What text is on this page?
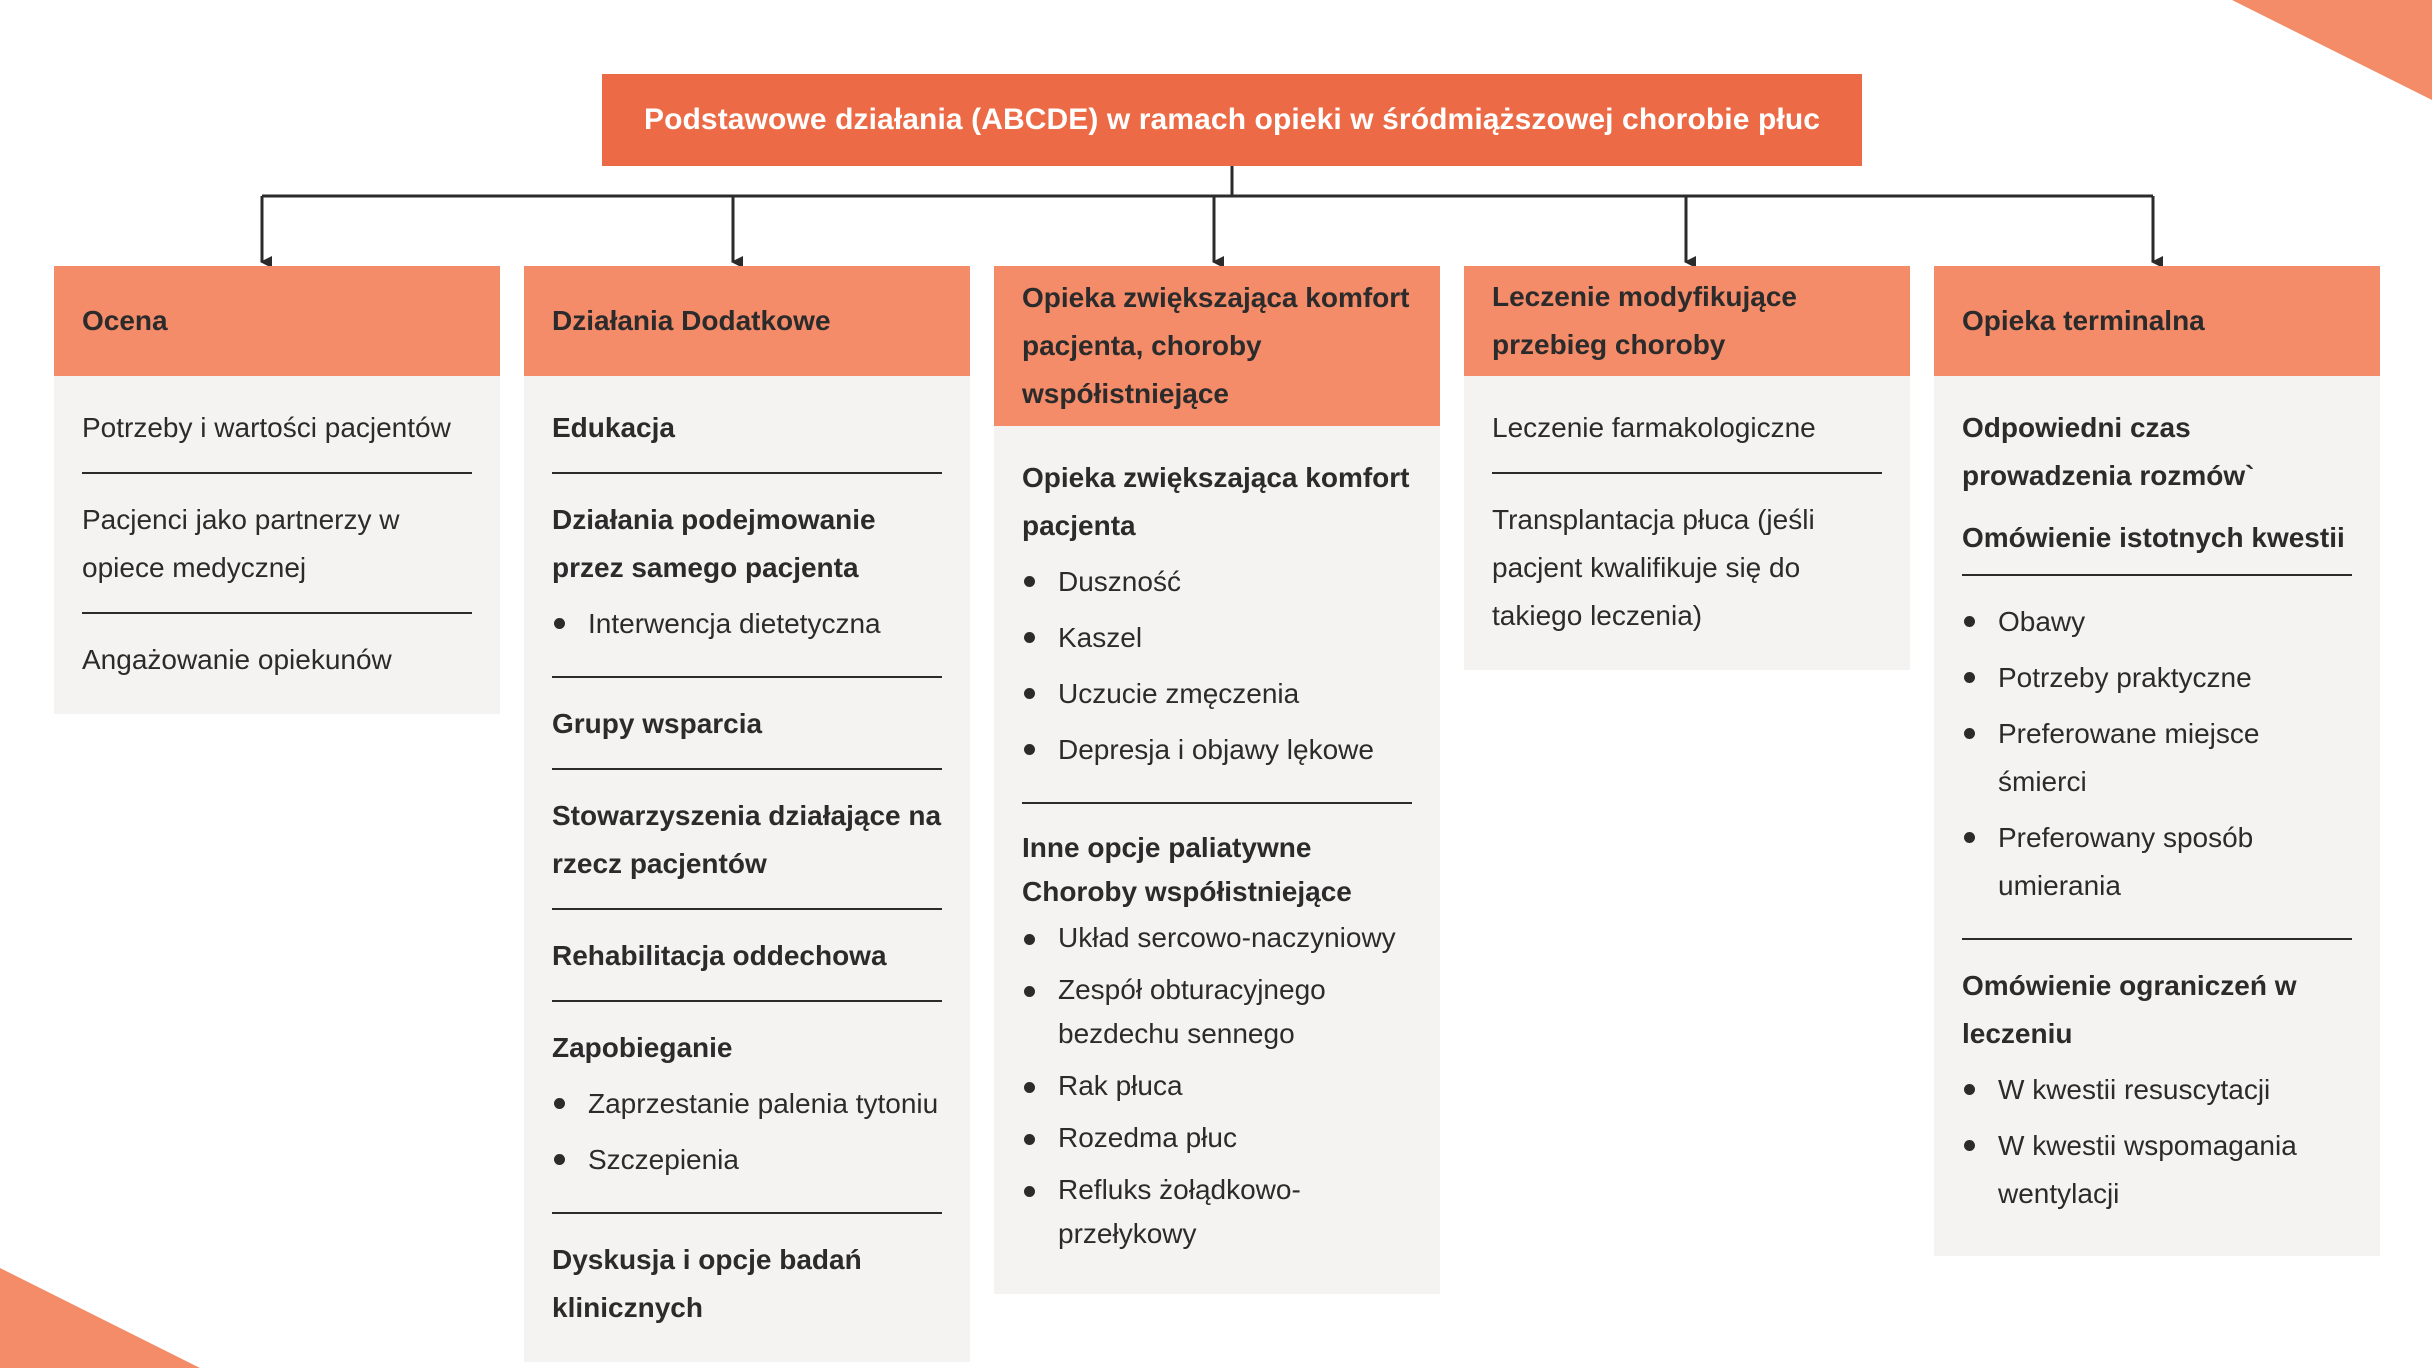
Podstawowe działania (ABCDE) w ramach opieki w śródmiąższowej chorobie płuc
Ocena
Potrzeby i wartości pacjentów
Pacjenci jako partnerzy w opiece medycznej
Angażowanie opiekunów
Działania Dodatkowe
Edukacja
Działania podejmowanie przez samego pacjenta
Interwencja dietetyczna
Grupy wsparcia
Stowarzyszenia działające na rzecz pacjentów
Rehabilitacja oddechowa
Zapobieganie
Zaprzestanie palenia tytoniu
Szczepienia
Dyskusja i opcje badań klinicznych
Opieka zwiększająca komfort pacjenta, choroby współistniejące
Opieka zwiększająca komfort pacjenta
Duszność
Kaszel
Uczucie zmęczenia
Depresja i objawy lękowe
Inne opcje paliatywne
Choroby współistniejące
Układ sercowo-naczyniowy
Zespół obturacyjnego bezdechu sennego
Rak płuca
Rozedma płuc
Refluks żołądkowo-przełykowy
Leczenie modyfikujące przebieg choroby
Leczenie farmakologiczne
Transplantacja płuca (jeśli pacjent kwalifikuje się do takiego leczenia)
Opieka terminalna
Odpowiedni czas prowadzenia rozmów`
Omówienie istotnych kwestii
Obawy
Potrzeby praktyczne
Preferowane miejsce śmierci
Preferowany sposób umierania
Omówienie ograniczeń w leczeniu
W kwestii resuscytacji
W kwestii wspomagania wentylacji
